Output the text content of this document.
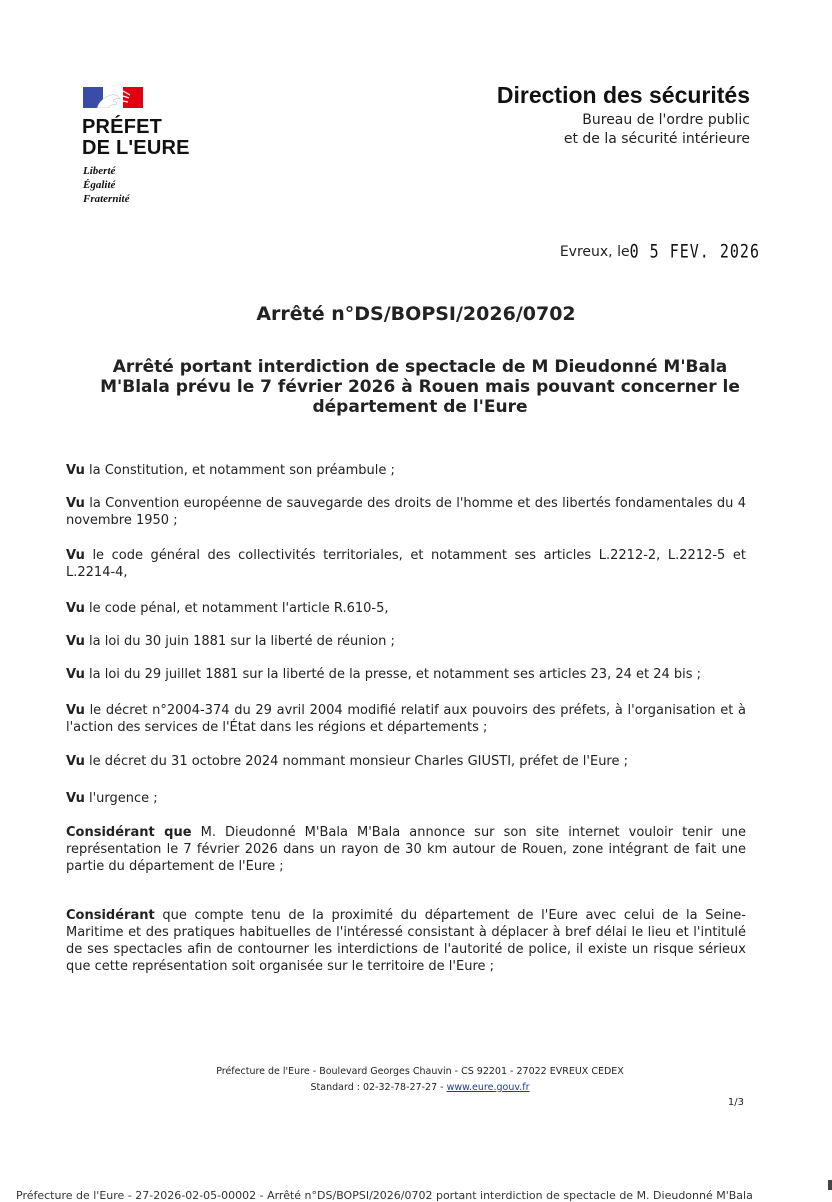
PRÉFET
DE L'EURE
Liberté
Égalité
Fraternité
Direction des sécurités
Bureau de l'ordre public
et de la sécurité intérieure
Evreux, le0 5 FEV. 2026
Arrêté n°DS/BOPSI/2026/0702
Arrêté portant interdiction de spectacle de M Dieudonné M'Bala M'Blala prévu le 7 février 2026 à Rouen mais pouvant concerner le département de l'Eure
Vu la Constitution, et notamment son préambule ;
Vu la Convention européenne de sauvegarde des droits de l'homme et des libertés fondamentales du 4 novembre 1950 ;
Vu le code général des collectivités territoriales, et notamment ses articles L.2212-2, L.2212-5 et L.2214-4,
Vu le code pénal, et notamment l'article R.610-5,
Vu la loi du 30 juin 1881 sur la liberté de réunion ;
Vu la loi du 29 juillet 1881 sur la liberté de la presse, et notamment ses articles 23, 24 et 24 bis ;
Vu le décret n°2004-374 du 29 avril 2004 modifié relatif aux pouvoirs des préfets, à l'organisation et à l'action des services de l'État dans les régions et départements ;
Vu le décret du 31 octobre 2024 nommant monsieur Charles GIUSTI, préfet de l'Eure ;
Vu l'urgence ;
Considérant que M. Dieudonné M'Bala M'Bala annonce sur son site internet vouloir tenir une représentation le 7 février 2026 dans un rayon de 30 km autour de Rouen, zone intégrant de fait une partie du département de l'Eure ;
Considérant que compte tenu de la proximité du département de l'Eure avec celui de la Seine-Maritime et des pratiques habituelles de l'intéressé consistant à déplacer à bref délai le lieu et l'intitulé de ses spectacles afin de contourner les interdictions de l'autorité de police, il existe un risque sérieux que cette représentation soit organisée sur le territoire de l'Eure ;
Préfecture de l'Eure - Boulevard Georges Chauvin - CS 92201 - 27022 EVREUX CEDEX
Standard : 02-32-78-27-27 - www.eure.gouv.fr
1/3
Préfecture de l'Eure - 27-2026-02-05-00002 - Arrêté n°DS/BOPSI/2026/0702 portant interdiction de spectacle de M. Dieudonné M'Bala
